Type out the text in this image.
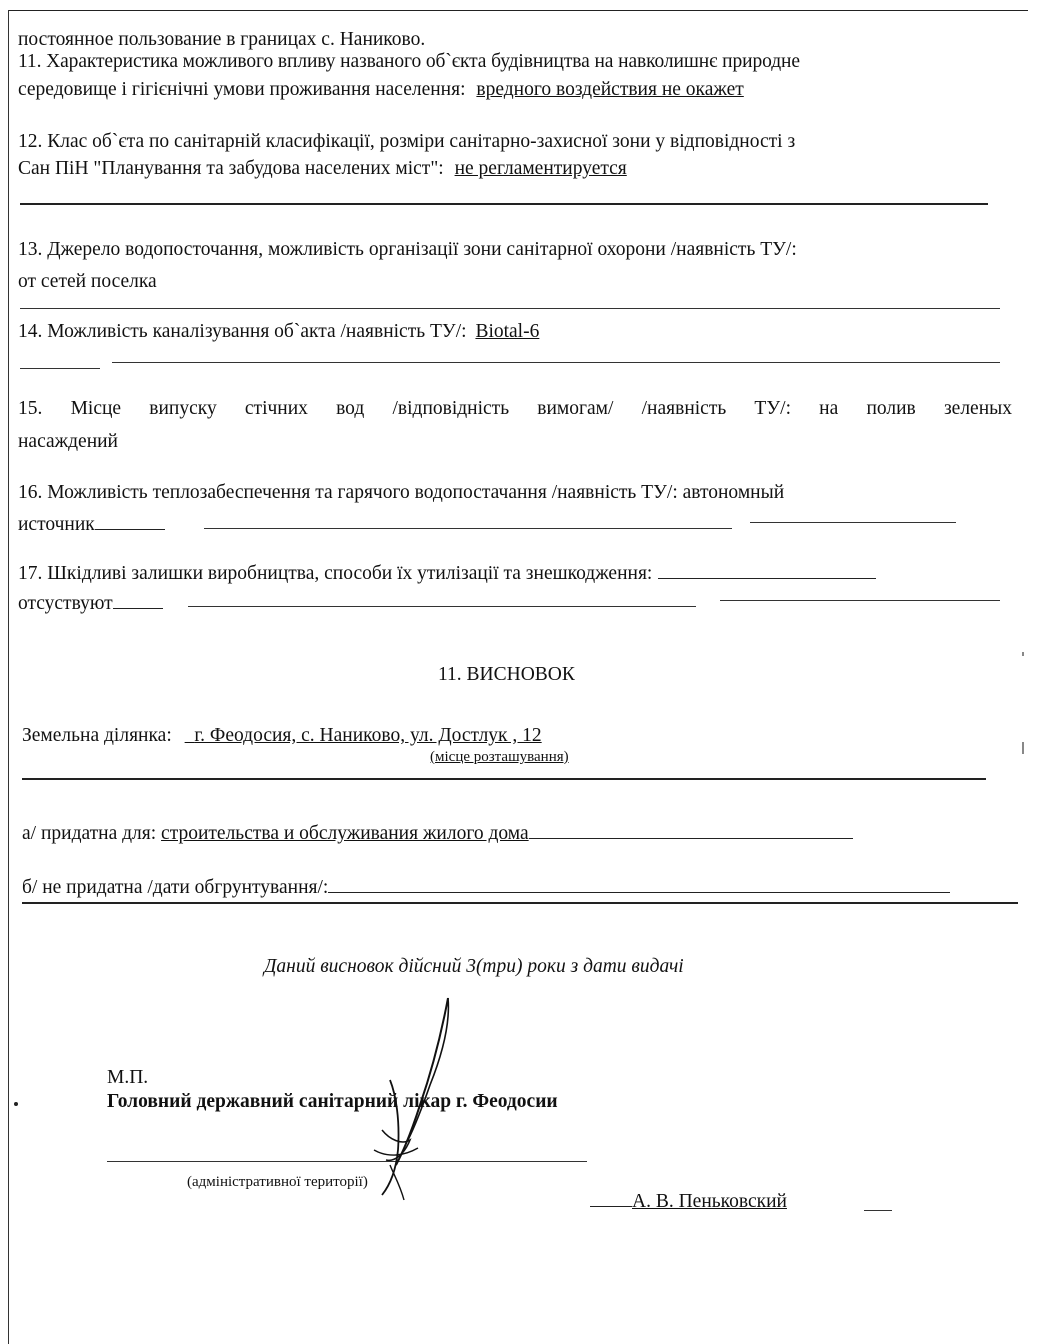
постоянное пользование в границах с. Наниково.
11. Характеристика можливого впливу названого об`єкта будівництва на навколишнє природне
середовище і гігієнічні умови проживання населення: вредного воздействия не окажет
12. Клас об`єта по санітарній класифікації, розміри санітарно-захисної зони у відповідності з
Сан ПіН "Планування та забудова населених міст": не регламентируется
13. Джерело водопосточання, можливість організації зони санітарної охорони /наявність ТУ/:
от сетей поселка
14. Можливість каналізування об`акта /наявність ТУ/: Biotal-6
15. Місце випуску стічних вод /відповідність вимогам/ /наявність ТУ/: на полив зеленых
насаждений
16. Можливість теплозабеспечення та гарячого водопостачання /наявність ТУ/: автономный
источник
17. Шкідливі залишки виробництва, способи їх утилізації та знешкодження:
отсуствуют
11. ВИСНОВОК
Земельна ділянка: г. Феодосия, с. Наниково, ул. Достлук , 12
(місце розташування)
а/ придатна для: строительства и обслуживания жилого дома
б/ не придатна /дати обгрунтування/:
Даний висновок дійсний 3(три) роки з дати видачі
М.П.
Головний державний санітарний лікар г. Феодосии
(адміністративної території)
А. В. Пеньковский
